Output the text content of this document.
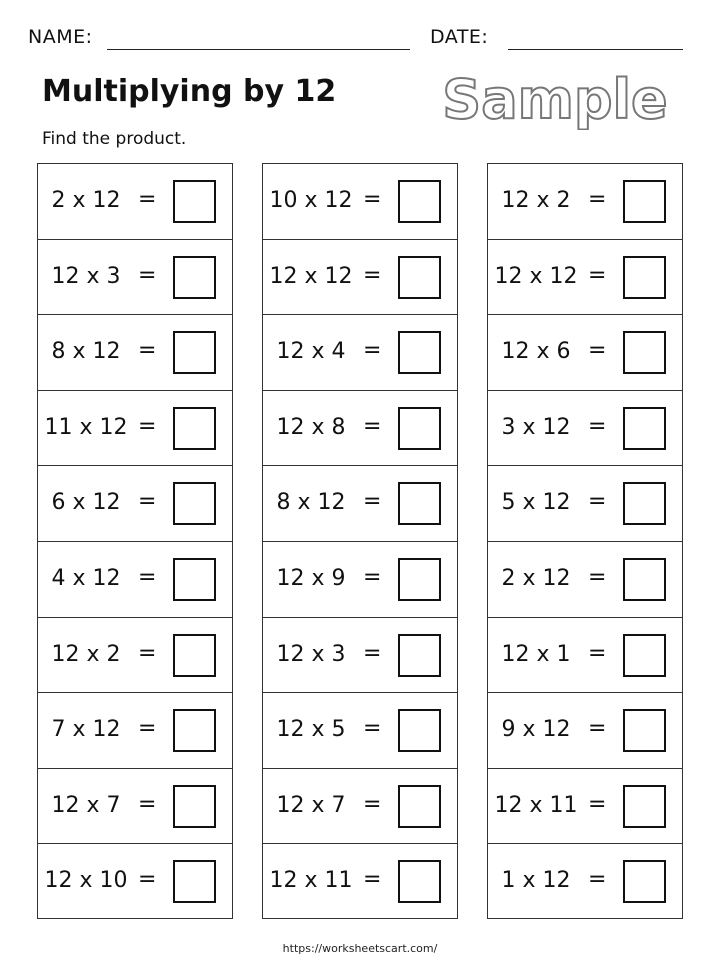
NAME:	DATE:
Multiplying by 12
Find the product.
Sample
2 x 12 =
12 x 3 =
8 x 12 =
11 x 12 =
6 x 12 =
4 x 12 =
12 x 2 =
7 x 12 =
12 x 7 =
12 x 10 =
10 x 12 =
12 x 12 =
12 x 4 =
12 x 8 =
8 x 12 =
12 x 9 =
12 x 3 =
12 x 5 =
12 x 7 =
12 x 11 =
12 x 2 =
12 x 12 =
12 x 6 =
3 x 12 =
5 x 12 =
2 x 12 =
12 x 1 =
9 x 12 =
12 x 11 =
1 x 12 =
https://worksheetscart.com/
